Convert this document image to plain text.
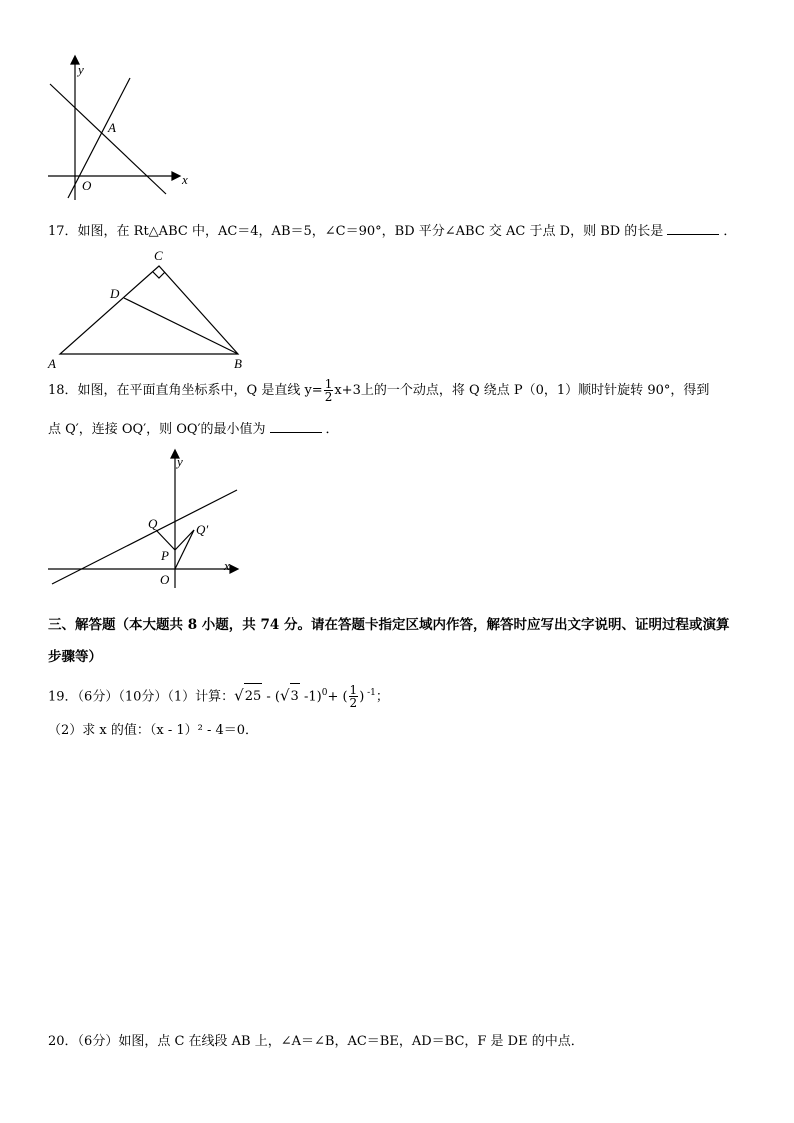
y
x
A
O
17．如图，在 Rt△ABC 中，AC＝4，AB＝5，∠C＝90°，BD 平分∠ABC 交 AC 于点 D，则 BD 的长是	．
A	B
C
D
18．如图，在平面直角坐标系中，Q 是直线 $y= \frac{1}{2} x+3$上的一个动点，将 Q 绕点 P（0，1）顺时针旋转 90°，得到
点 Q′，连接 OQ′，则 OQ′的最小值为	．
y
x
Q	Q′
P
O
三、解答题（本大题共 8 小题，共 74 分。请在答题卡指定区域内作答，解答时应写出文字说明、证明过程或演算
步骤等）
19．（6分）（10分）（1）计算：√25 - (√3 -1)$^0$+ ( $\frac{1}{2}$ ) $^{-1}$；
（2）求 x 的值：（x - 1）² - 4＝0．
20．（6分）如图，点 C 在线段 AB 上，∠A＝∠B，AC＝BE，AD＝BC，F 是 DE 的中点．
